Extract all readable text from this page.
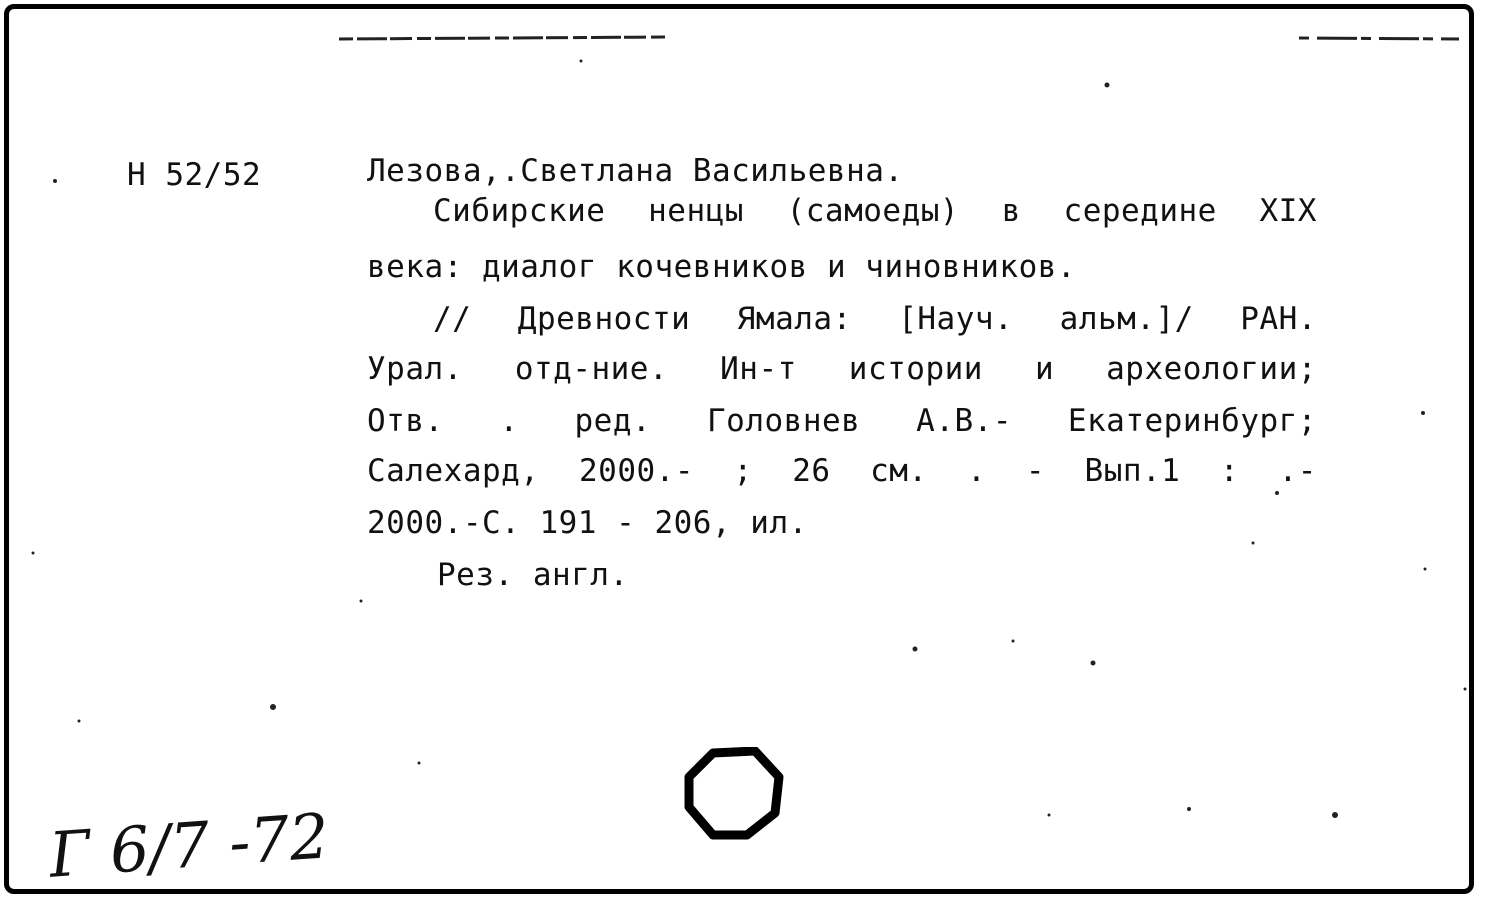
Н 52/52	Лезова,.Светлана Васильевна.
Сибирские ненцы (самоеды) в середине XIX
века: диалог кочевников и чиновников.
// Древности Ямала: [Науч. альм.]/ РАН.
Урал. отд-ние. Ин-т истории и археологии;
Отв. . ред. Головнев А.В.- Екатеринбург;
Салехард, 2000.- ; 26 см. . - Вып.1 : .-
2000.-С. 191 - 206, ил.
Рез. англ.
Г 6/7 -72
